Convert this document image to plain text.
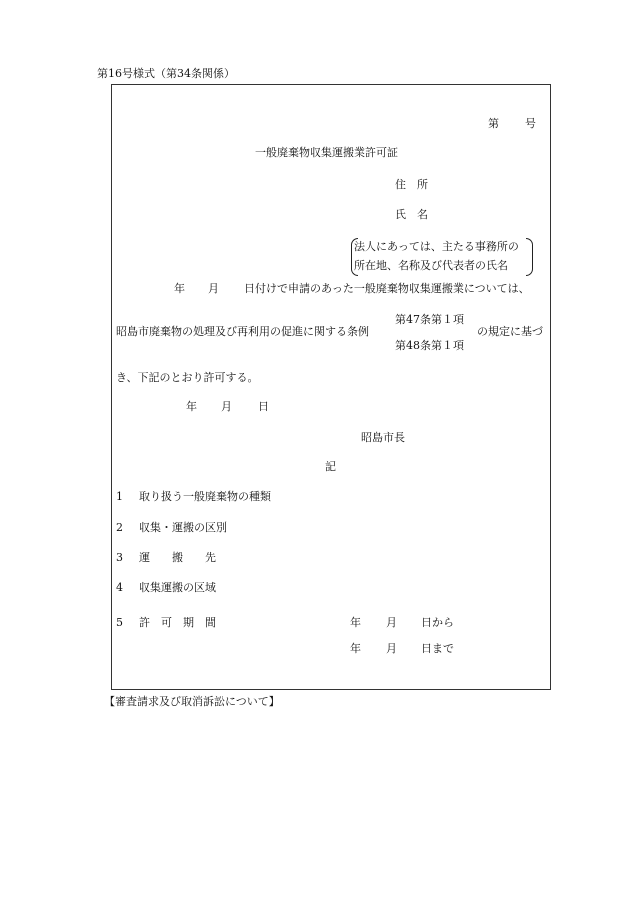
第16号様式（第34条関係）
第 号
一般廃棄物収集運搬業許可証
住　所
氏　名
法人にあっては、主たる事務所の
所在地、名称及び代表者の氏名
年 月 日付けで申請のあった一般廃棄物収集運搬業については、
第47条第１項
昭島市廃棄物の処理及び再利用の促進に関する条例	の規定に基づ
第48条第１項
き、下記のとおり許可する。
年 月 日
昭島市長
記
1 取り扱う一般廃棄物の種類
2 収集・運搬の区別
3 運　　搬　　先
4 収集運搬の区域
5 許　可　期　間	年 月 日から
年 月 日まで
【審査請求及び取消訴訟について】
